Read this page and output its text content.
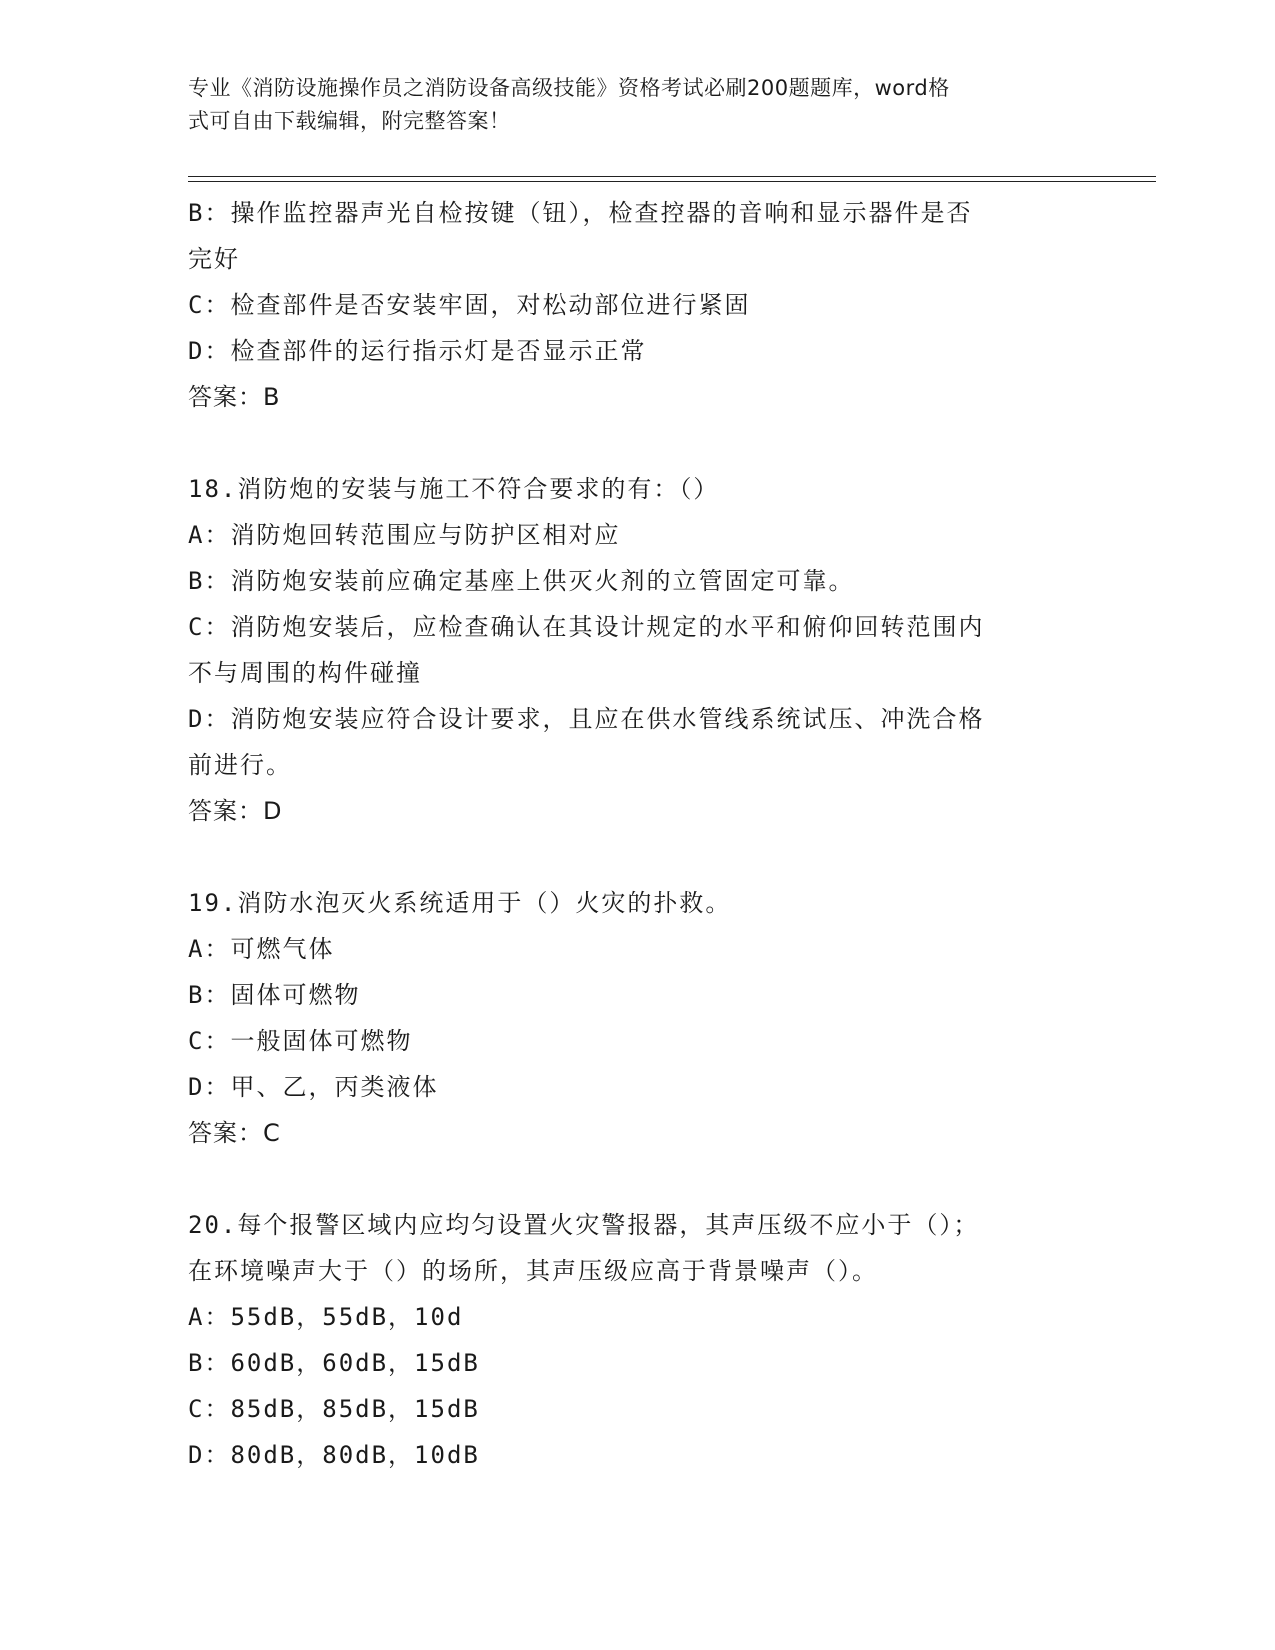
专业《消防设施操作员之消防设备高级技能》资格考试必刷200题题库，word格
式可自由下载编辑，附完整答案！
B：操作监控器声光自检按键（钮），检查控器的音响和显示器件是否
完好
C：检查部件是否安装牢固，对松动部位进行紧固
D：检查部件的运行指示灯是否显示正常
答案：B
18.消防炮的安装与施工不符合要求的有：（）
A：消防炮回转范围应与防护区相对应
B：消防炮安装前应确定基座上供灭火剂的立管固定可靠。
C：消防炮安装后，应检查确认在其设计规定的水平和俯仰回转范围内
不与周围的构件碰撞
D：消防炮安装应符合设计要求，且应在供水管线系统试压、冲洗合格
前进行。
答案：D
19.消防水泡灭火系统适用于（）火灾的扑救。
A：可燃气体
B：固体可燃物
C：一般固体可燃物
D：甲、乙，丙类液体
答案：C
20.每个报警区域内应均匀设置火灾警报器，其声压级不应小于（）；
在环境噪声大于（）的场所，其声压级应高于背景噪声（）。
A：55dB，55dB，10d
B：60dB，60dB，15dB
C：85dB，85dB，15dB
D：80dB，80dB，10dB
